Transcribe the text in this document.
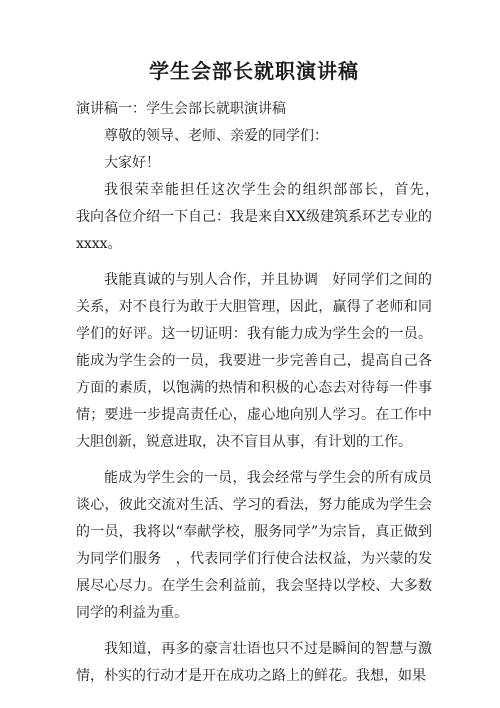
学生会部长就职演讲稿
演讲稿一：学生会部长就职演讲稿

尊敬的领导、老师、亲爱的同学们：

大家好！

我很荣幸能担任这次学生会的组织部部长，首先，　 我向各位介绍一下自己：我是来自XX级建筑系环艺专业的xxxx。

我能真诚的与别人合作，并且协调　好同学们之间的关系，对不良行为敢于大胆管理，因此，赢得了老师和同学们的好评。这一切证明：我有能力成为学生会的一员。能成为学生会的一员，我要进一步完善自己，提高自己各方面的素质，以饱满的热情和积极的心态去对待每一件事情；要进一步提高责任心，虚心地向别人学习。在工作中大胆创新，锐意进取，决不盲目从事，有计划的工作。

能成为学生会的一员，我会经常与学生会的所有成员谈心，彼此交流对生活、学习的看法，努力能成为学生会的一员，我将以“奉献学校，服务同学”为宗旨，真正做到为同学们服务　，代表同学们行使合法权益，为兴蒙的发展尽心尽力。在学生会利益前，我会坚持以学校、大多数同学的利益为重。

我知道，再多的豪言壮语也只不过是瞬间的智慧与激情，朴实的行动才是开在成功之路上的鲜花。我想，如果
